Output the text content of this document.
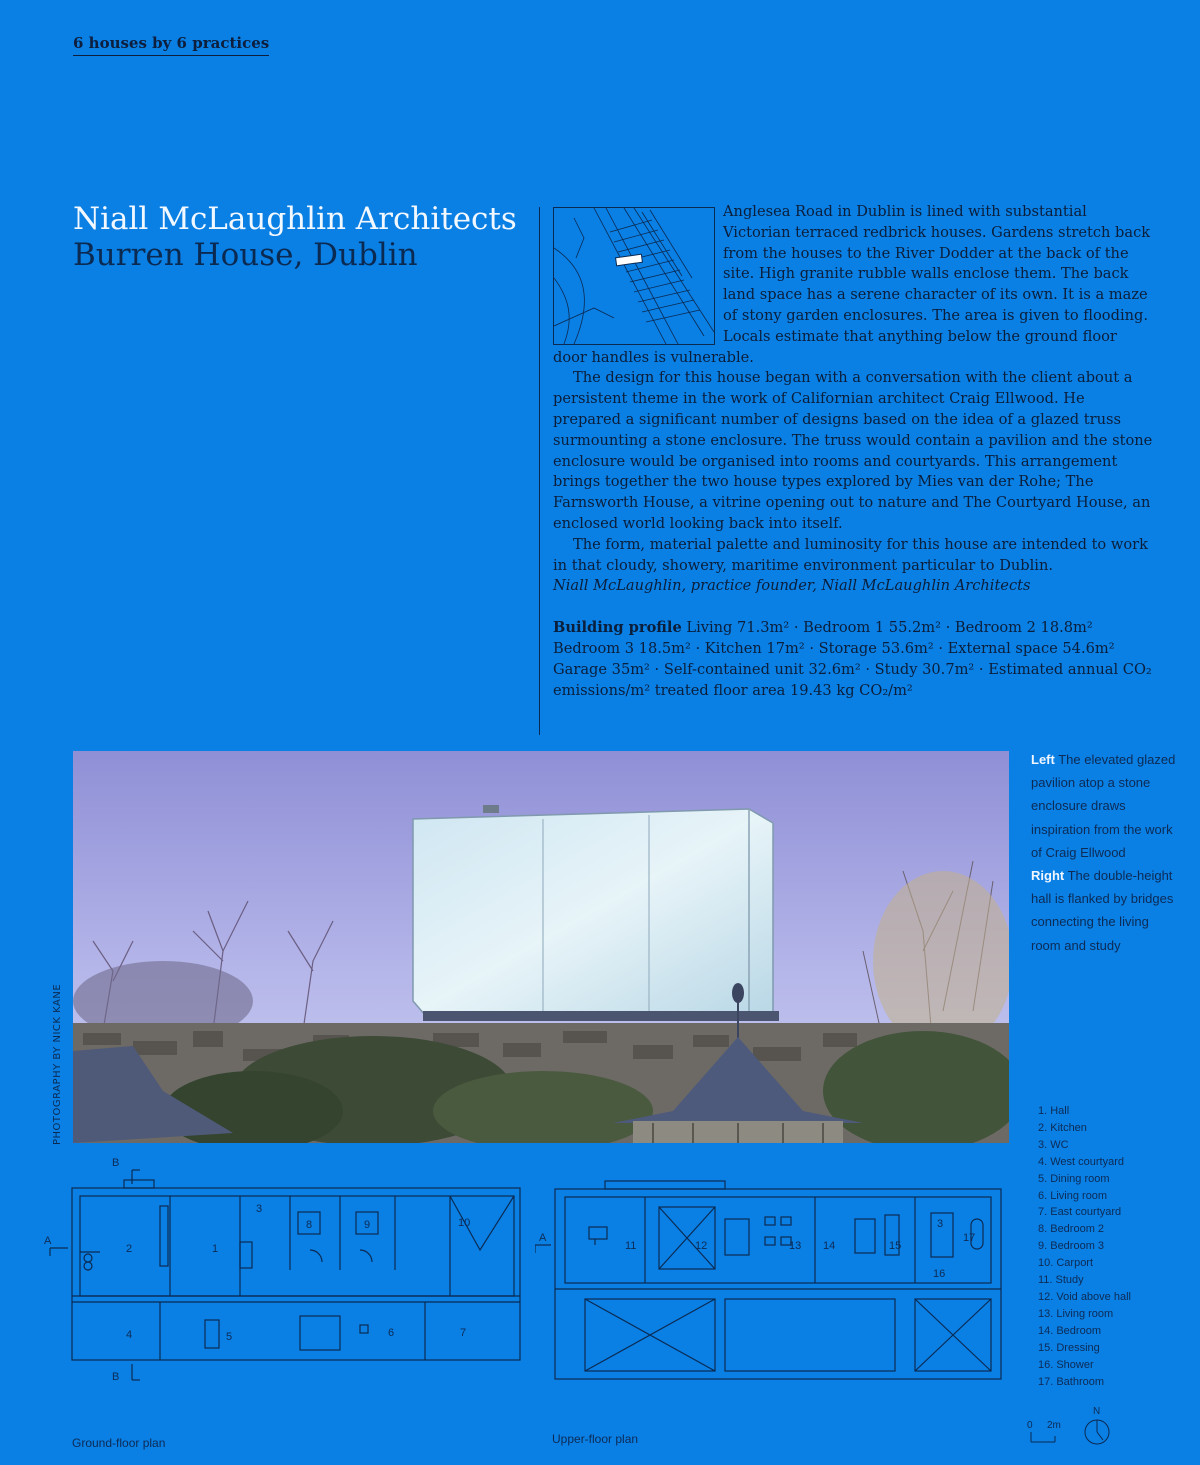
6 houses by 6 practices
Niall McLaughlin Architects
Burren House, Dublin

Anglesea Road in Dublin is lined with substantial Victorian terraced redbrick houses. Gardens stretch back from the houses to the River Dodder at the back of the site. High granite rubble walls enclose them. The back land space has a serene character of its own. It is a maze of stony garden enclosures. The area is given to flooding. Locals estimate that anything below the ground floor door handles is vulnerable.

The design for this house began with a conversation with the client about a persistent theme in the work of Californian architect Craig Ellwood. He prepared a significant number of designs based on the idea of a glazed truss surmounting a stone enclosure. The truss would contain a pavilion and the stone enclosure would be organised into rooms and courtyards. This arrangement brings together the two house types explored by Mies van der Rohe; The Farnsworth House, a vitrine opening out to nature and The Courtyard House, an enclosed world looking back into itself.

The form, material palette and luminosity for this house are intended to work in that cloudy, showery, maritime environment particular to Dublin.

Niall McLaughlin, practice founder, Niall McLaughlin Architects

Building profile Living 71.3m² · Bedroom 1 55.2m² · Bedroom 2 18.8m² Bedroom 3 18.5m² · Kitchen 17m² · Storage 53.6m² · External space 54.6m² Garage 35m² · Self-contained unit 32.6m² · Study 30.7m² · Estimated annual CO₂ emissions/m² treated floor area 19.43 kg CO₂/m²

PHOTOGRAPHY BY NICK KANE
Left The elevated glazed pavilion atop a stone enclosure draws inspiration from the work of Craig Ellwood
Right The double-height hall is flanked by bridges connecting the living room and study
1. Hall
2. Kitchen
3. WC
4. West courtyard
5. Dining room
6. Living room
7. East courtyard
8. Bedroom 2
9. Bedroom 3
10. Carport
11. Study
12. Void above hall
13. Living room
14. Bedroom
15. Dressing
16. Shower
17. Bathroom
2	1
3
8	9	10
4	5	6	7
B
B
A
Ground-floor plan
11	12	13 14	15
3
17
16
A
Upper-floor plan
0 2m
N
